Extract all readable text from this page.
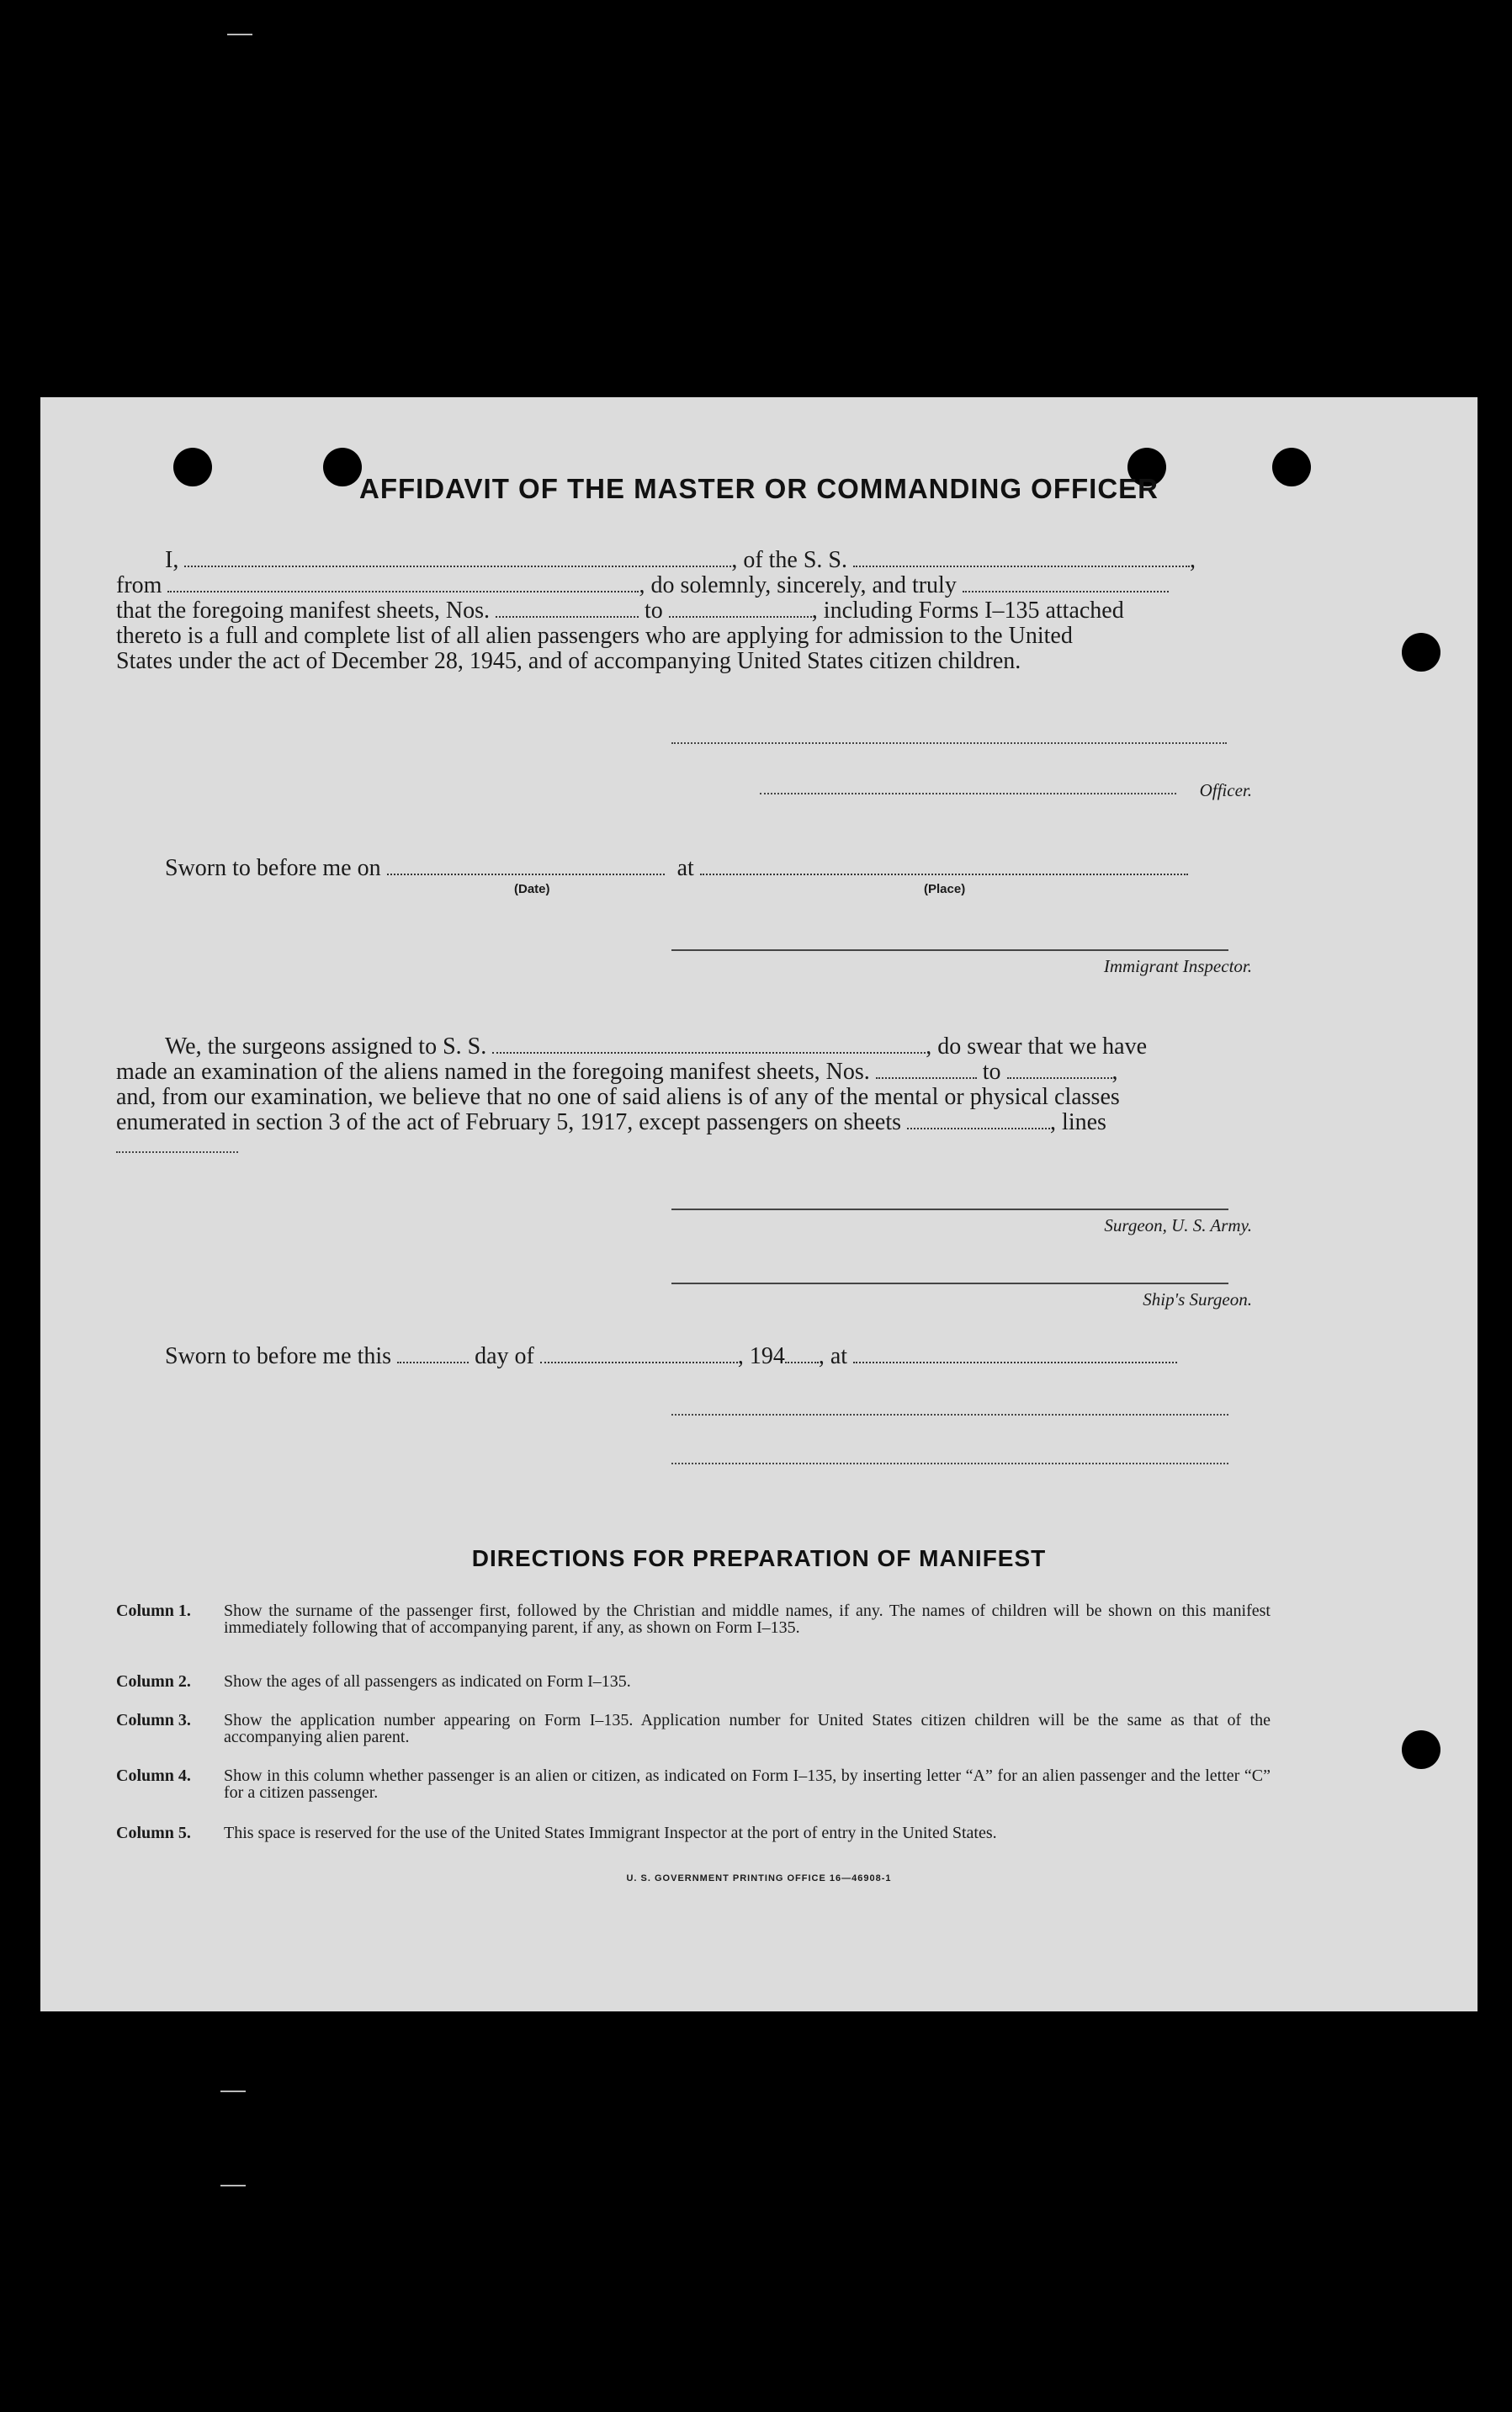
AFFIDAVIT OF THE MASTER OR COMMANDING OFFICER
I,	, of the S. S.	,
from	, do solemnly, sincerely, and truly
that the foregoing manifest sheets, Nos.	to	, including Forms I–135 attached
thereto is a full and complete list of all alien passengers who are applying for admission to the United
States under the act of December 28, 1945, and of accompanying United States citizen children.
Officer.
Sworn to before me on	at
(Date)	(Place)
Immigrant Inspector.
We, the surgeons assigned to S. S.	, do swear that we have
made an examination of the aliens named in the foregoing manifest sheets, Nos.	to	,
and, from our examination, we believe that no one of said aliens is of any of the mental or physical classes
enumerated in section 3 of the act of February 5, 1917, except passengers on sheets	, lines
Surgeon, U. S. Army.
Ship's Surgeon.
Sworn to before me this	day of	, 194 , at
DIRECTIONS FOR PREPARATION OF MANIFEST
Column 1.	Show the surname of the passenger first, followed by the Christian and middle names, if any. The names of children will be shown on this manifest immediately following that of accompanying parent, if any, as shown on Form I–135.
Column 2.	Show the ages of all passengers as indicated on Form I–135.
Column 3.	Show the application number appearing on Form I–135. Application number for United States citizen children will be the same as that of the accompanying alien parent.
Column 4.	Show in this column whether passenger is an alien or citizen, as indicated on Form I–135, by inserting letter “A” for an alien passenger and the letter “C” for a citizen passenger.
Column 5.	This space is reserved for the use of the United States Immigrant Inspector at the port of entry in the United States.
U. S. GOVERNMENT PRINTING OFFICE 16—46908-1
